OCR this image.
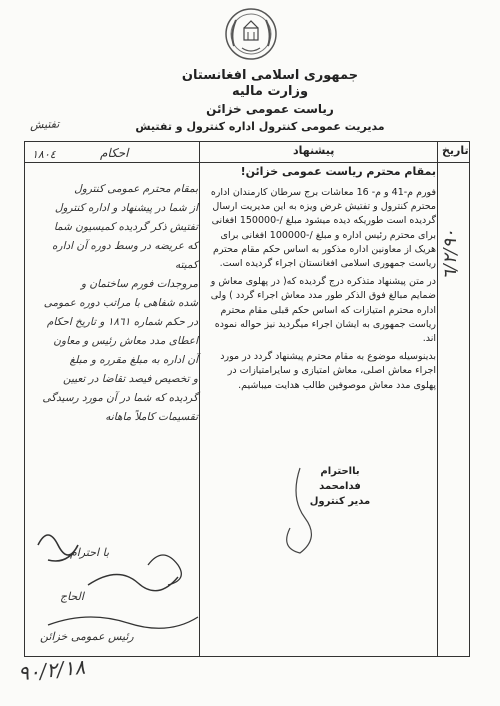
جمهوری اسلامی افغانستان
وزارت مالیه
ریاست عمومی خزائن
مدیریت عمومی کنترول اداره کنترول و تفتیش
تفتیش
تاریخ
پیشنهاد
احکام
١٨٠٤
بمقام محترم ریاست عمومی خزائن!

فورم م-41 و م- 16 معاشات برج سرطان کارمندان اداره محترم کنترول و تفتیش غرض ویزه به این مدیریت ارسال گردیده است طوریکه دیده میشود مبلغ /-150000 افغانی برای محترم رئیس اداره و مبلغ /-100000 افغانی برای هریک از معاونین اداره مذکور به اساس حکم مقام محترم ریاست جمهوری اسلامی افغانستان اجراء گردیده است.

در متن پیشنهاد متذکره درج گردیده که( در پهلوی معاش و ضمایم مبالغ فوق الذکر طور مدد معاش اجراء گردد ) ولی اداره محترم امتیازات که اساس حکم قبلی مقام محترم ریاست جمهوری به ایشان اجراء میگردید نیز حواله نموده اند.

بدینوسیله موضوع به مقام محترم پیشنهاد گردد در مورد اجراء معاش اصلی، معاش امتیازی و سایرامتیازات در پهلوی مدد معاش موصوفین طالب هدایت میباشیم.

بااحترام
فدامحمد
مدیر کنترول
بمقام محترم عمومی کنترول
از شما در پیشنهاد و اداره کنترول
تفتیش ذکر گردیده کمیسیون شما
که عریضه در وسط دوره آن اداره کمیته
مروجدات فورم ساختمان و
شده شفاهی با مراتب دوره عمومی
در حکم شماره ١٨٦١ و تاریخ احکام
اعطای مدد معاش رئیس و معاون
آن اداره به مبلغ مقرره و مبلغ
و تخصیص فیصد تقاضا در تعیین
گردیده که شما در آن مورد رسیدگی
تقسیمات کاملاً ماهانه
با احترام
الحاج
رئیس عمومی خزائن
٦/٢/٩٠
٩٠/٢/١٨
